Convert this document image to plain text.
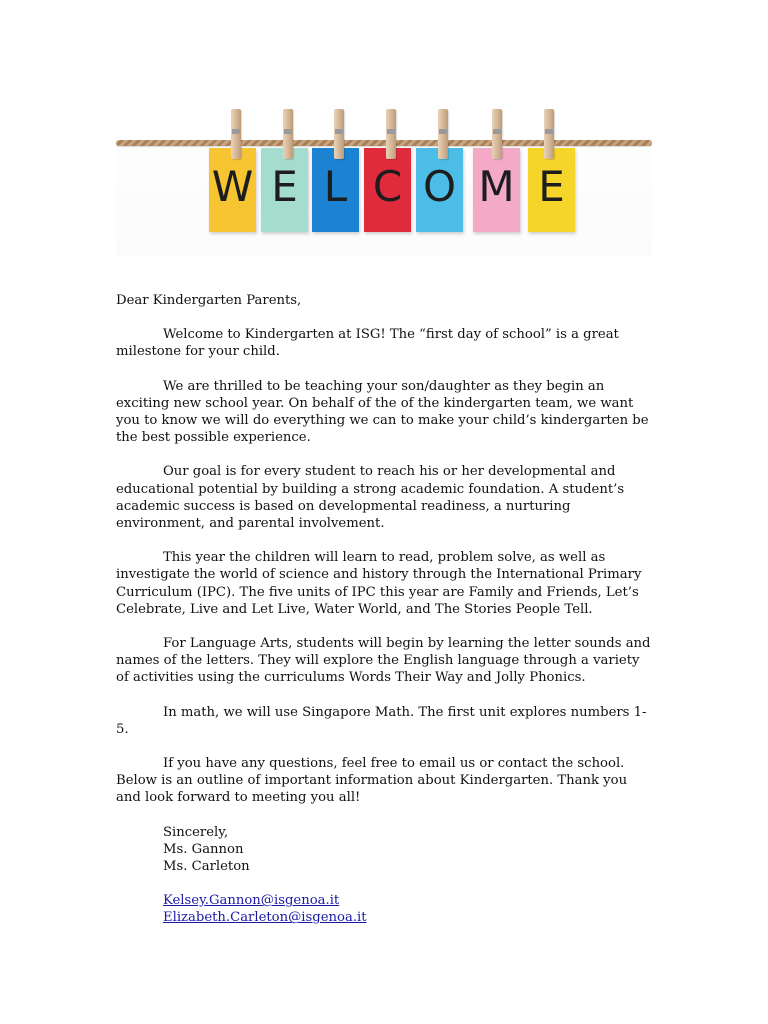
W E L C O M E

Dear Kindergarten Parents,

Welcome to Kindergarten at ISG! The “first day of school” is a great milestone for your child.

We are thrilled to be teaching your son/daughter as they begin an exciting new school year. On behalf of the of the kindergarten team, we want you to know we will do everything we can to make your child’s kindergarten be the best possible experience.

Our goal is for every student to reach his or her developmental and educational potential by building a strong academic foundation. A student’s academic success is based on developmental readiness, a nurturing environment, and parental involvement.

This year the children will learn to read, problem solve, as well as investigate the world of science and history through the International Primary Curriculum (IPC). The five units of IPC this year are Family and Friends, Let’s Celebrate, Live and Let Live, Water World, and The Stories People Tell.

For Language Arts, students will begin by learning the letter sounds and names of the letters. They will explore the English language through a variety of activities using the curriculums Words Their Way and Jolly Phonics.

In math, we will use Singapore Math. The first unit explores numbers 1-5.

If you have any questions, feel free to email us or contact the school. Below is an outline of important information about Kindergarten. Thank you and look forward to meeting you all!

Sincerely,
Ms. Gannon
Ms. Carleton
Kelsey.Gannon@isgenoa.it
Elizabeth.Carleton@isgenoa.it
